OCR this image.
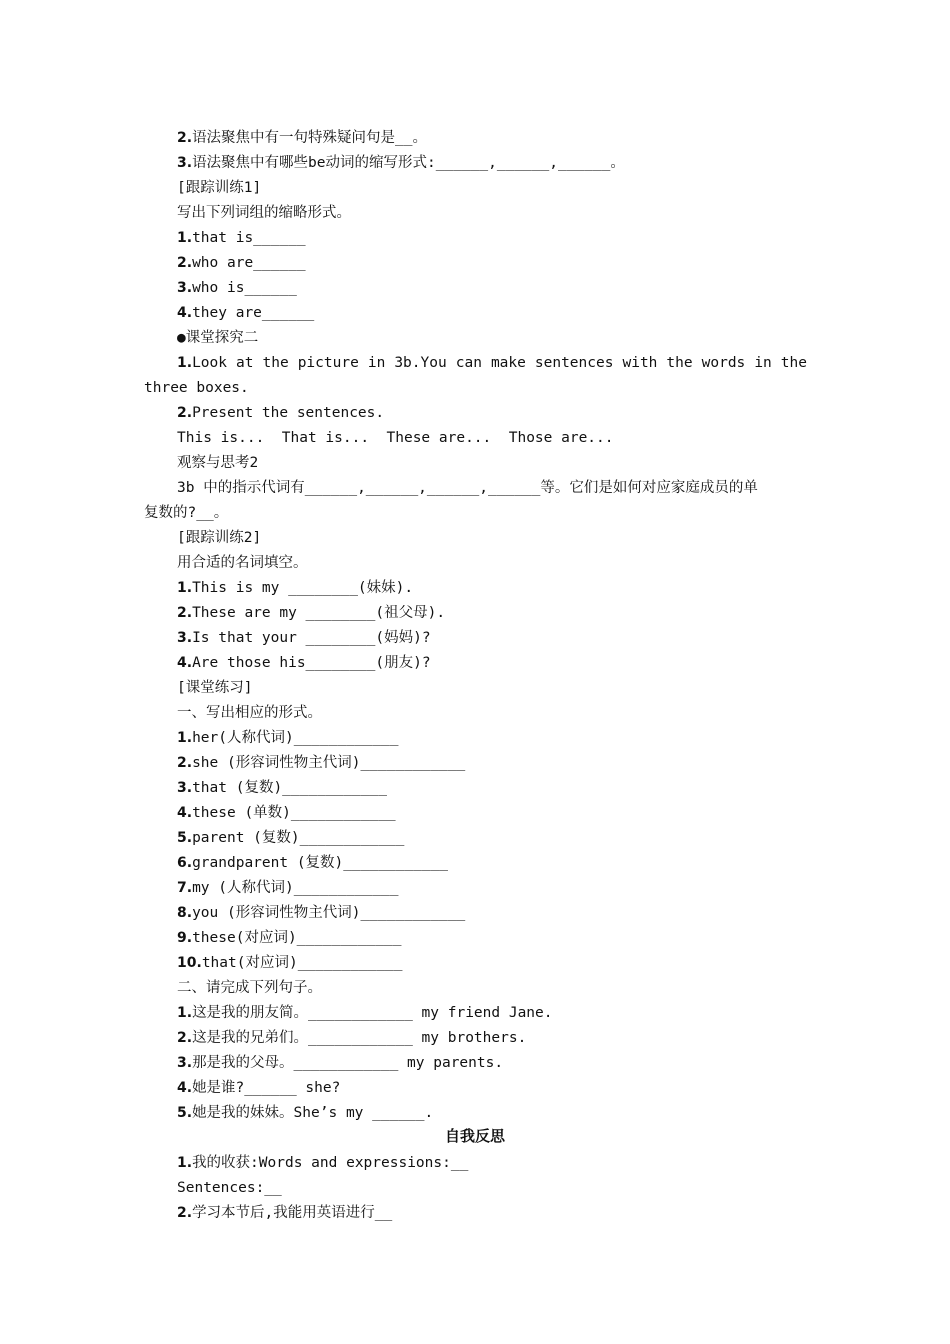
2.语法聚焦中有一句特殊疑问句是__。
3.语法聚焦中有哪些be动词的缩写形式:______,______,______。
[跟踪训练1]
写出下列词组的缩略形式。
1.that is______
2.who are______
3.who is______
4.they are______
●课堂探究二
1.Look at the picture in 3b.You can make sentences with the words in the
three boxes.
2.Present the sentences.
This is...  That is...  These are...  Those are...
观察与思考2
3b 中的指示代词有______,______,______,______等。它们是如何对应家庭成员的单
复数的?__。
[跟踪训练2]
用合适的名词填空。
1.This is my ________(妹妹).
2.These are my ________(祖父母).
3.Is that your ________(妈妈)?
4.Are those his________(朋友)?
[课堂练习]
一、写出相应的形式。
1.her(人称代词)____________
2.she (形容词性物主代词)____________
3.that (复数)____________
4.these (单数)____________
5.parent (复数)____________
6.grandparent (复数)____________
7.my (人称代词)____________
8.you (形容词性物主代词)____________
9.these(对应词)____________
10.that(对应词)____________
二、请完成下列句子。
1.这是我的朋友简。____________ my friend Jane.
2.这是我的兄弟们。____________ my brothers.
3.那是我的父母。____________ my parents.
4.她是谁?______ she?
5.她是我的妹妹。She’s my ______.
自我反思
1.我的收获:Words and expressions:__
Sentences:__
2.学习本节后,我能用英语进行__
